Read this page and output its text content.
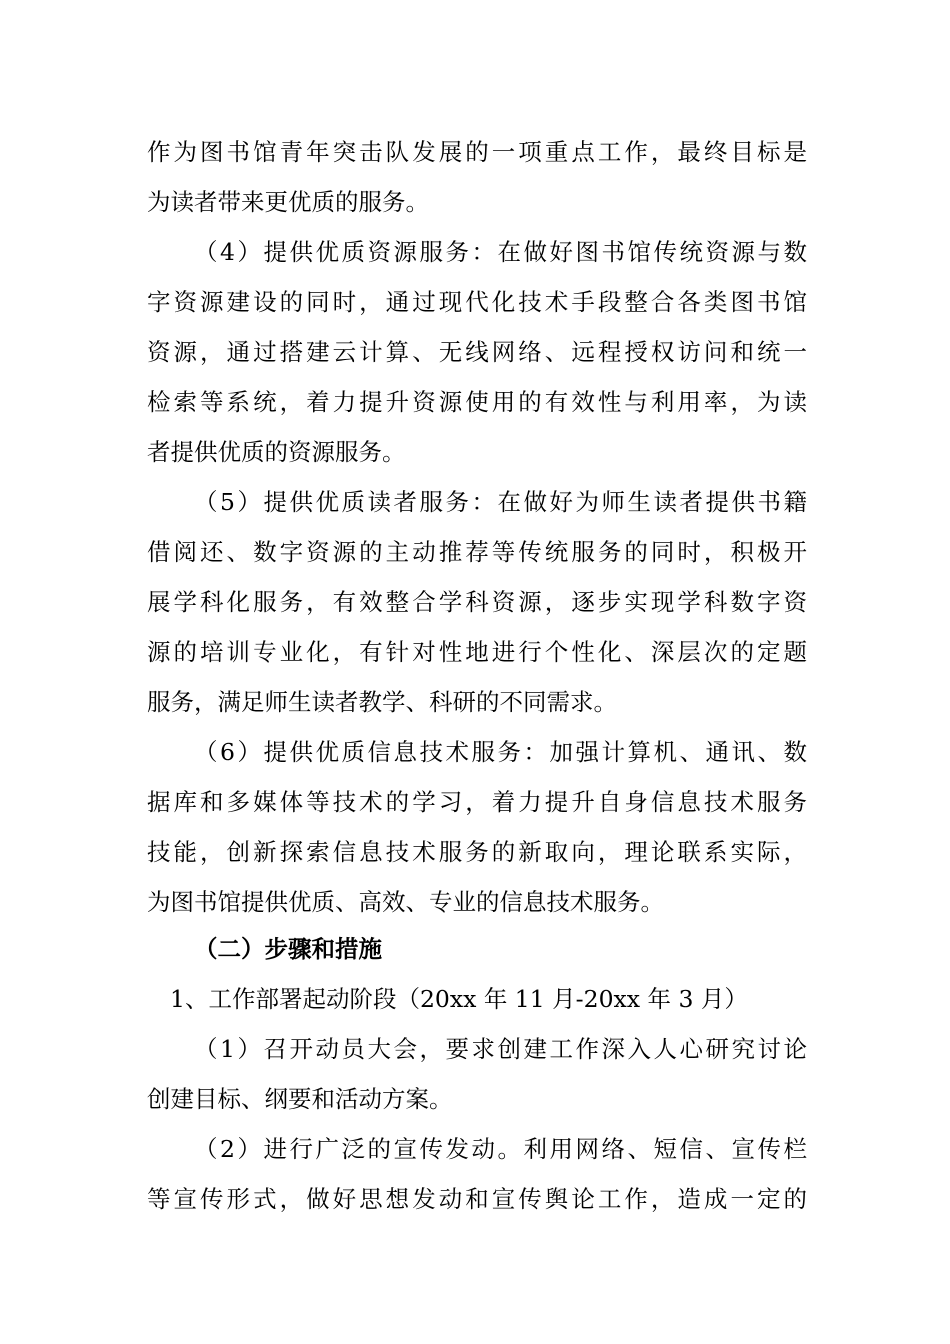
作为图书馆青年突击队发展的一项重点工作，最终目标是
为读者带来更优质的服务。
（4）提供优质资源服务：在做好图书馆传统资源与数
字资源建设的同时，通过现代化技术手段整合各类图书馆
资源，通过搭建云计算、无线网络、远程授权访问和统一
检索等系统，着力提升资源使用的有效性与利用率，为读
者提供优质的资源服务。
（5）提供优质读者服务：在做好为师生读者提供书籍
借阅还、数字资源的主动推荐等传统服务的同时，积极开
展学科化服务，有效整合学科资源，逐步实现学科数字资
源的培训专业化，有针对性地进行个性化、深层次的定题
服务，满足师生读者教学、科研的不同需求。
（6）提供优质信息技术服务：加强计算机、通讯、数
据库和多媒体等技术的学习，着力提升自身信息技术服务
技能，创新探索信息技术服务的新取向，理论联系实际，
为图书馆提供优质、高效、专业的信息技术服务。
（二）步骤和措施
1、工作部署起动阶段（20xx 年 11 月-20xx 年 3 月）
（1）召开动员大会，要求创建工作深入人心研究讨论
创建目标、纲要和活动方案。
（2）进行广泛的宣传发动。利用网络、短信、宣传栏
等宣传形式，做好思想发动和宣传舆论工作，造成一定的
